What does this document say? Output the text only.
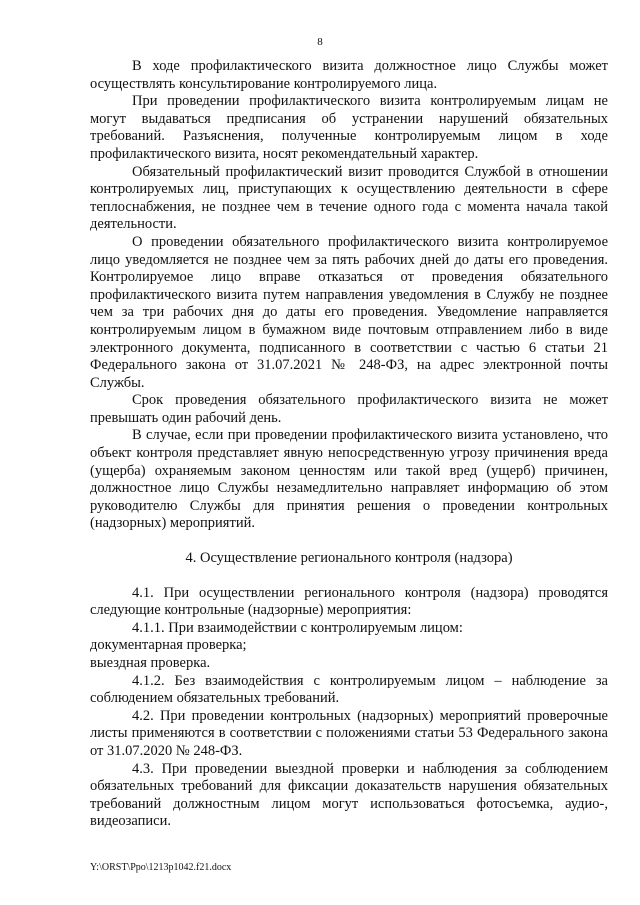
8

В ходе профилактического визита должностное лицо Службы может осуществлять консультирование контролируемого лица.

При проведении профилактического визита контролируемым лицам не могут выдаваться предписания об устранении нарушений обязательных требований. Разъяснения, полученные контролируемым лицом в ходе профилактического визита, носят рекомендательный характер.

Обязательный профилактический визит проводится Службой в отношении контролируемых лиц, приступающих к осуществлению деятельности в сфере теплоснабжения, не позднее чем в течение одного года с момента начала такой деятельности.

О проведении обязательного профилактического визита контролируемое лицо уведомляется не позднее чем за пять рабочих дней до даты его проведения. Контролируемое лицо вправе отказаться от проведения обязательного профилактического визита путем направления уведомления в Службу не позднее чем за три рабочих дня до даты его проведения. Уведомление направляется контролируемым лицом в бумажном виде почтовым отправлением либо в виде электронного документа, подписанного в соответствии с частью 6 статьи 21 Федерального закона от 31.07.2021 № 248-ФЗ, на адрес электронной почты Службы.

Срок проведения обязательного профилактического визита не может превышать один рабочий день.

В случае, если при проведении профилактического визита установлено, что объект контроля представляет явную непосредственную угрозу причинения вреда (ущерба) охраняемым законом ценностям или такой вред (ущерб) причинен, должностное лицо Службы незамедлительно направляет информацию об этом руководителю Службы для принятия решения о проведении контрольных (надзорных) мероприятий.

4. Осуществление регионального контроля (надзора)

4.1. При осуществлении регионального контроля (надзора) проводятся следующие контрольные (надзорные) мероприятия:

4.1.1. При взаимодействии с контролируемым лицом:

документарная проверка;

выездная проверка.

4.1.2. Без взаимодействия с контролируемым лицом – наблюдение за соблюдением обязательных требований.

4.2. При проведении контрольных (надзорных) мероприятий проверочные листы применяются в соответствии с положениями статьи 53 Федерального закона от 31.07.2020 № 248-ФЗ.

4.3. При проведении выездной проверки и наблюдения за соблюдением обязательных требований для фиксации доказательств нарушения обязательных требований должностным лицом могут использоваться фотосъемка, аудио-, видеозаписи.

Y:\ORST\Ppo\1213p1042.f21.docx
